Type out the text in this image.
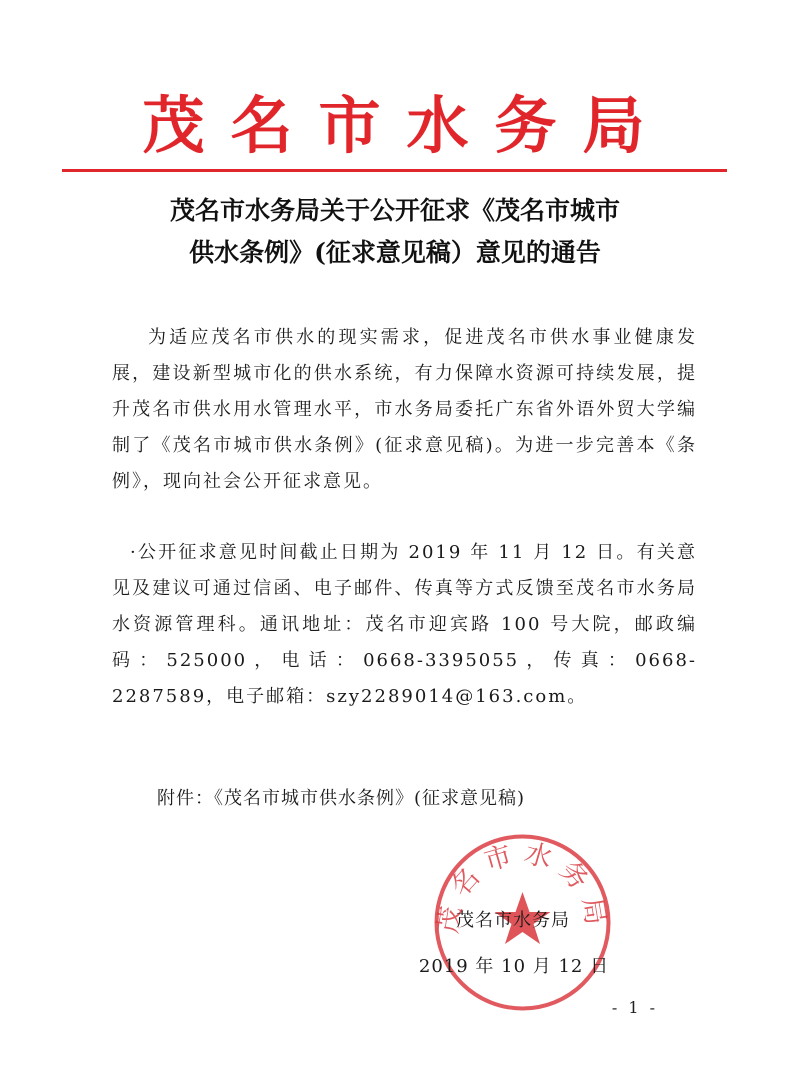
茂名市水务局
茂名市水务局关于公开征求《茂名市城市
供水条例》(征求意见稿）意见的通告
为适应茂名市供水的现实需求，促进茂名市供水事业健康发展，建设新型城市化的供水系统，有力保障水资源可持续发展，提升茂名市供水用水管理水平，市水务局委托广东省外语外贸大学编制了《茂名市城市供水条例》(征求意见稿)。为进一步完善本《条例》，现向社会公开征求意见。
·公开征求意见时间截止日期为 2019 年 11 月 12 日。有关意见及建议可通过信函、电子邮件、传真等方式反馈至茂名市水务局水资源管理科。通讯地址：茂名市迎宾路 100 号大院，邮政编码：525000，电话：0668-3395055，传真：0668-2287589，电子邮箱：szy2289014@163.com。
附件：《茂名市城市供水条例》(征求意见稿)
茂名市水务局
茂名市水务局
2019 年 10 月 12 日
- 1 -
